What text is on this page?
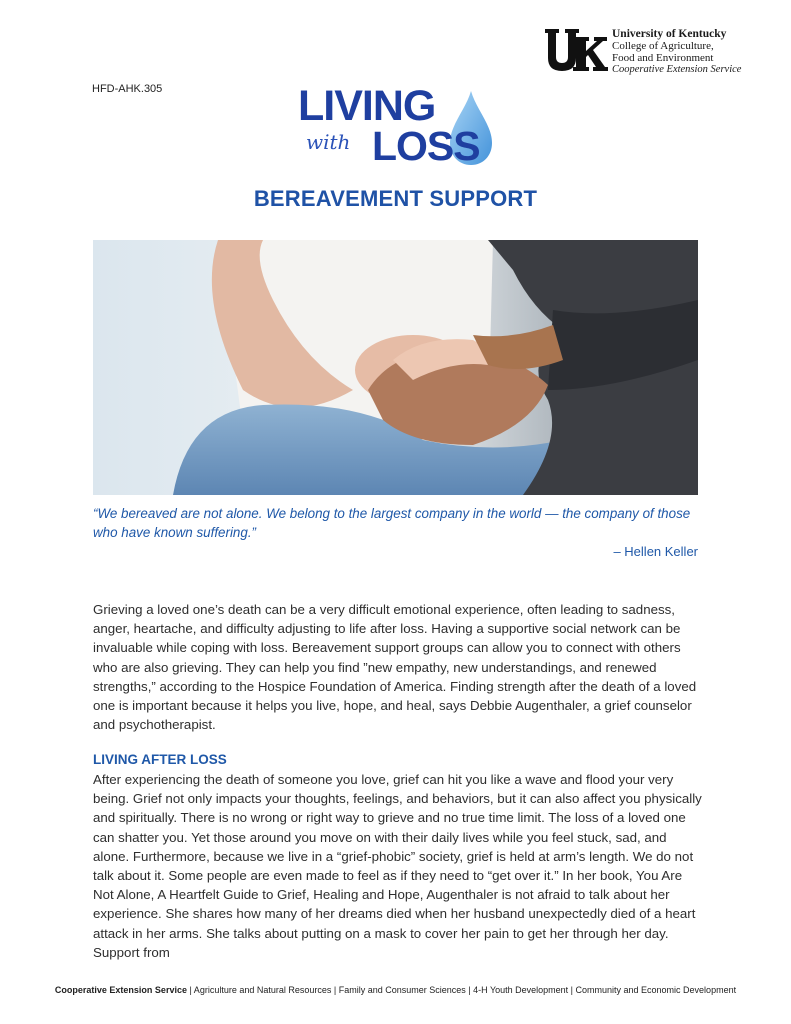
HFD-AHK.305
University of Kentucky
College of Agriculture,
Food and Environment
Cooperative Extension Service
LIVING
with LOSS
BEREAVEMENT SUPPORT
“We bereaved are not alone. We belong to the largest company in the world — the company of those who have known suffering.”
– Hellen Keller
Grieving a loved one’s death can be a very difficult emotional experience, often leading to sadness, anger, heartache, and difficulty adjusting to life after loss. Having a supportive social network can be invaluable while coping with loss. Bereavement support groups can allow you to connect with others who are also grieving. They can help you find ”new empathy, new understandings, and renewed strengths,” according to the Hospice Foundation of America. Finding strength after the death of a loved one is important because it helps you live, hope, and heal, says Debbie Augenthaler, a grief counselor and psychotherapist.
LIVING AFTER LOSS
After experiencing the death of someone you love, grief can hit you like a wave and flood your very being. Grief not only impacts your thoughts, feelings, and behaviors, but it can also affect you physically and spiritually. There is no wrong or right way to grieve and no true time limit. The loss of a loved one can shatter you. Yet those around you move on with their daily lives while you feel stuck, sad, and alone. Furthermore, because we live in a “grief-phobic” society, grief is held at arm’s length. We do not talk about it. Some people are even made to feel as if they need to “get over it.” In her book, You Are Not Alone, A Heartfelt Guide to Grief, Healing and Hope, Augenthaler is not afraid to talk about her experience. She shares how many of her dreams died when her husband unexpectedly died of a heart attack in her arms. She talks about putting on a mask to cover her pain to get her through her day. Support from
Cooperative Extension Service | Agriculture and Natural Resources | Family and Consumer Sciences | 4-H Youth Development | Community and Economic Development
